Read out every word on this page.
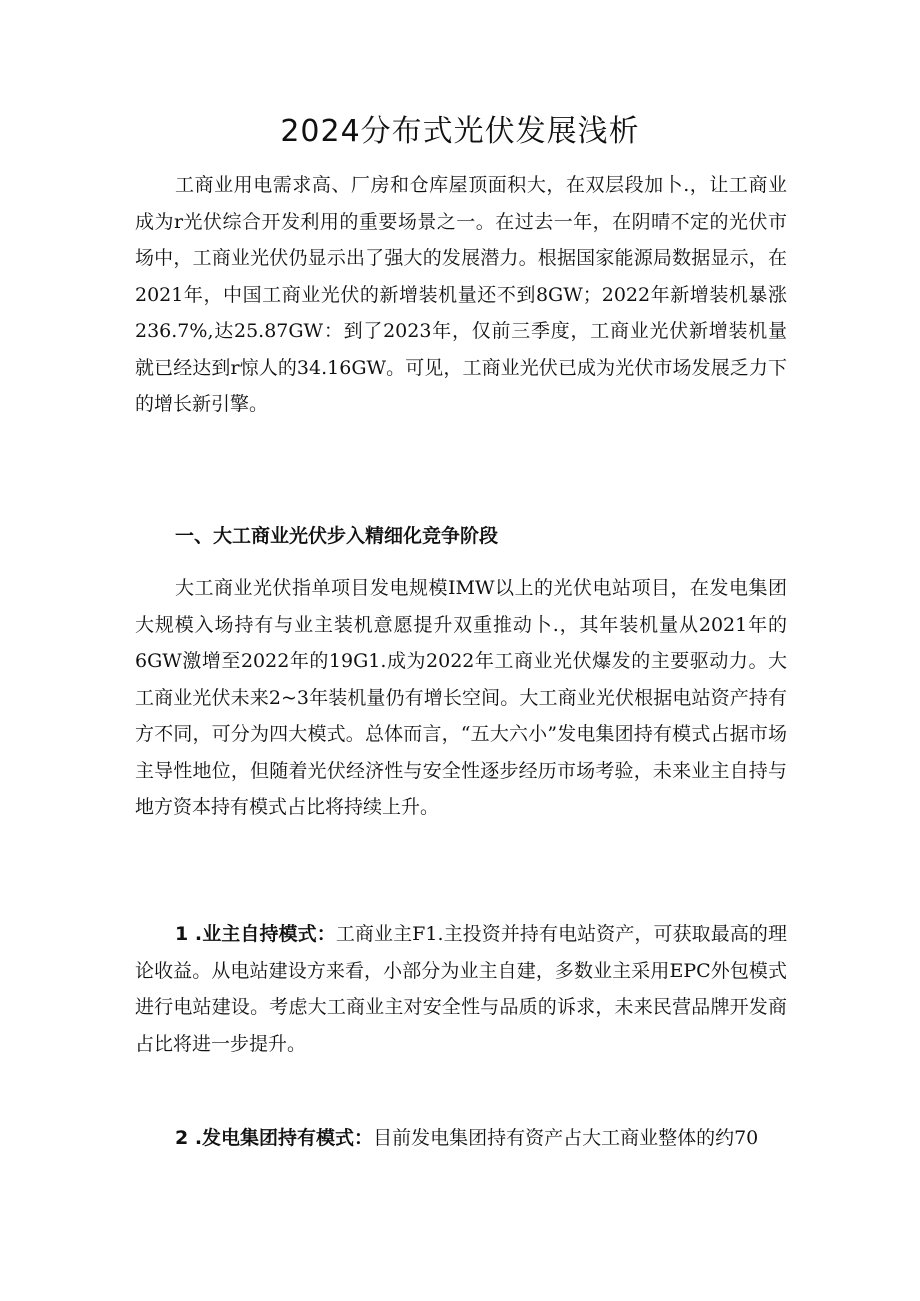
2024分布式光伏发展浅析

工商业用电需求高、厂房和仓库屋顶面积大，在双层段加卜.，让工商业成为r光伏综合开发利用的重要场景之一。在过去一年，在阴晴不定的光伏市场中，工商业光伏仍显示出了强大的发展潜力。根据国家能源局数据显示，在2021年，中国工商业光伏的新增装机量还不到8GW；2022年新增装机暴涨236.7%,达25.87GW：到了2023年，仅前三季度，工商业光伏新增装机量就已经达到r惊人的34.16GW。可见，工商业光伏已成为光伏市场发展乏力下的增长新引擎。

一、大工商业光伏步入精细化竞争阶段

大工商业光伏指单项目发电规模IMW以上的光伏电站项目，在发电集团大规模入场持有与业主装机意愿提升双重推动卜.，其年装机量从2021年的6GW激增至2022年的19G1.成为2022年工商业光伏爆发的主要驱动力。大工商业光伏未来2~3年装机量仍有增长空间。大工商业光伏根据电站资产持有方不同，可分为四大模式。总体而言，“五大六小”发电集团持有模式占据市场主导性地位，但随着光伏经济性与安全性逐步经历市场考验，未来业主自持与地方资本持有模式占比将持续上升。

1 .业主自持模式：工商业主F1.主投资并持有电站资产，可获取最高的理论收益。从电站建设方来看，小部分为业主自建，多数业主采用EPC外包模式进行电站建设。考虑大工商业主对安全性与品质的诉求，未来民营品牌开发商占比将进一步提升。

2 .发电集团持有模式：目前发电集团持有资产占大工商业整体的约70
